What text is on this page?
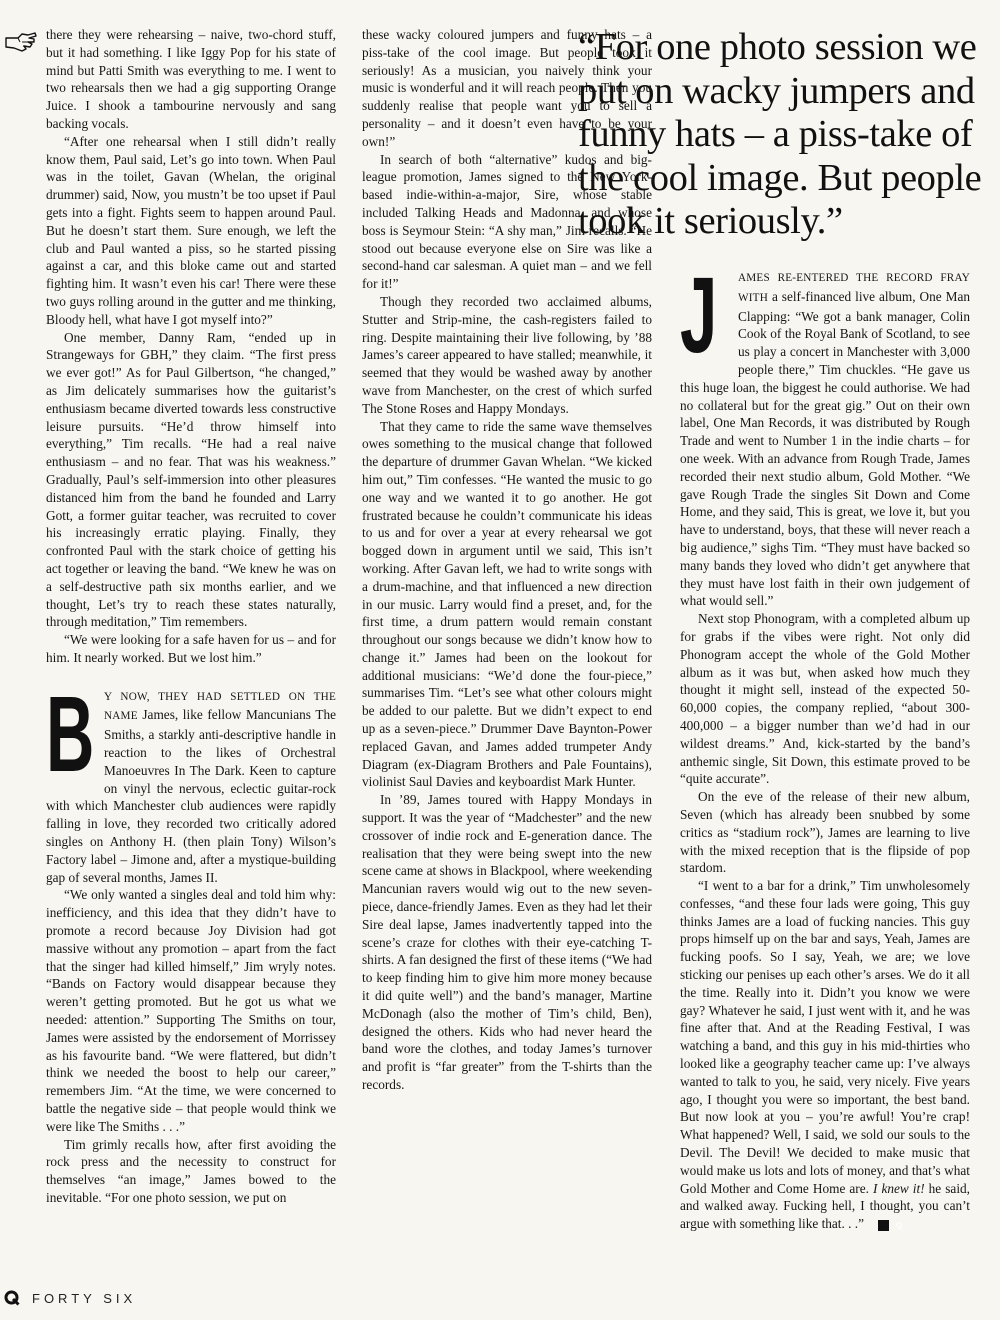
there they were rehearsing – naive, two-chord stuff, but it had something. I like Iggy Pop for his state of mind but Patti Smith was everything to me. I went to two rehearsals then we had a gig supporting Orange Juice. I shook a tambourine nervously and sang backing vocals.

“After one rehearsal when I still didn’t really know them, Paul said, Let’s go into town. When Paul was in the toilet, Gavan (Whelan, the original drummer) said, Now, you mustn’t be too upset if Paul gets into a fight. Fights seem to happen around Paul. But he doesn’t start them. Sure enough, we left the club and Paul wanted a piss, so he started pissing against a car, and this bloke came out and started fighting him. It wasn’t even his car! There were these two guys rolling around in the gutter and me thinking, Bloody hell, what have I got myself into?”

One member, Danny Ram, “ended up in Strangeways for GBH,” they claim. “The first press we ever got!” As for Paul Gilbertson, “he changed,” as Jim delicately summarises how the guitarist’s enthusiasm became diverted towards less constructive leisure pursuits. “He’d throw himself into everything,” Tim recalls. “He had a real naive enthusiasm – and no fear. That was his weakness.” Gradually, Paul’s self-immersion into other pleasures distanced him from the band he founded and Larry Gott, a former guitar teacher, was recruited to cover his increasingly erratic playing. Finally, they confronted Paul with the stark choice of getting his act together or leaving the band. “We knew he was on a self-destructive path six months earlier, and we thought, Let’s try to reach these states naturally, through meditation,” Tim remembers.

“We were looking for a safe haven for us – and for him. It nearly worked. But we lost him.”

B Y NOW, THEY HAD SETTLED ON THE NAME James, like fellow Mancunians The Smiths, a starkly anti-descriptive handle in reaction to the likes of Orchestral Manoeuvres In The Dark. Keen to capture on vinyl the nervous, eclectic guitar-rock with which Manchester club audiences were rapidly falling in love, they recorded two critically adored singles on Anthony H. (then plain Tony) Wilson’s Factory label – Jimone and, after a mystique-building gap of several months, James II.

“We only wanted a singles deal and told him why: inefficiency, and this idea that they didn’t have to promote a record because Joy Division had got massive without any promotion – apart from the fact that the singer had killed himself,” Jim wryly notes. “Bands on Factory would disappear because they weren’t getting promoted. But he got us what we needed: attention.” Supporting The Smiths on tour, James were assisted by the endorsement of Morrissey as his favourite band. “We were flattered, but didn’t think we needed the boost to help our career,” remembers Jim. “At the time, we were concerned to battle the negative side – that people would think we were like The Smiths . . .”

Tim grimly recalls how, after first avoiding the rock press and the necessity to construct for themselves “an image,” James bowed to the inevitable. “For one photo session, we put on

these wacky coloured jumpers and funny hats – a piss-take of the cool image. But people took it seriously! As a musician, you naively think your music is wonderful and it will reach people. Then you suddenly realise that people want you to sell a personality – and it doesn’t even have to be your own!”

In search of both “alternative” kudos and big-league promotion, James signed to the New York-based indie-within-a-major, Sire, whose stable included Talking Heads and Madonna, and whose boss is Seymour Stein: “A shy man,” Jim recalls. “He stood out because everyone else on Sire was like a second-hand car salesman. A quiet man – and we fell for it!”

Though they recorded two acclaimed albums, Stutter and Strip-mine, the cash-registers failed to ring. Despite maintaining their live following, by ’88 James’s career appeared to have stalled; meanwhile, it seemed that they would be washed away by another wave from Manchester, on the crest of which surfed The Stone Roses and Happy Mondays.

That they came to ride the same wave themselves owes something to the musical change that followed the departure of drummer Gavan Whelan. “We kicked him out,” Tim confesses. “He wanted the music to go one way and we wanted it to go another. He got frustrated because he couldn’t communicate his ideas to us and for over a year at every rehearsal we got bogged down in argument until we said, This isn’t working. After Gavan left, we had to write songs with a drum-machine, and that influenced a new direction in our music. Larry would find a preset, and, for the first time, a drum pattern would remain constant throughout our songs because we didn’t know how to change it.” James had been on the lookout for additional musicians: “We’d done the four-piece,” summarises Tim. “Let’s see what other colours might be added to our palette. But we didn’t expect to end up as a seven-piece.” Drummer Dave Baynton-Power replaced Gavan, and James added trumpeter Andy Diagram (ex-Diagram Brothers and Pale Fountains), violinist Saul Davies and keyboardist Mark Hunter.

In ’89, James toured with Happy Mondays in support. It was the year of “Madchester” and the new crossover of indie rock and E-generation dance. The realisation that they were being swept into the new scene came at shows in Blackpool, where weekending Mancunian ravers would wig out to the new seven-piece, dance-friendly James. Even as they had let their Sire deal lapse, James inadvertently tapped into the scene’s craze for clothes with their eye-catching T-shirts. A fan designed the first of these items (“We had to keep finding him to give him more money because it did quite well”) and the band’s manager, Martine McDonagh (also the mother of Tim’s child, Ben), designed the others. Kids who had never heard the band wore the clothes, and today James’s turnover and profit is “far greater” from the T-shirts than the records.

“For one photo session we put on wacky jumpers and funny hats – a piss-take of the cool image. But people took it seriously.”

J AMES RE-ENTERED THE RECORD FRAY WITH a self-financed live album, One Man Clapping: “We got a bank manager, Colin Cook of the Royal Bank of Scotland, to see us play a concert in Manchester with 3,000 people there,” Tim chuckles. “He gave us this huge loan, the biggest he could authorise. We had no collateral but for the great gig.” Out on their own label, One Man Records, it was distributed by Rough Trade and went to Number 1 in the indie charts – for one week. With an advance from Rough Trade, James recorded their next studio album, Gold Mother. “We gave Rough Trade the singles Sit Down and Come Home, and they said, This is great, we love it, but you have to understand, boys, that these will never reach a big audience,” sighs Tim. “They must have backed so many bands they loved who didn’t get anywhere that they must have lost faith in their own judgement of what would sell.”

Next stop Phonogram, with a completed album up for grabs if the vibes were right. Not only did Phonogram accept the whole of the Gold Mother album as it was but, when asked how much they thought it might sell, instead of the expected 50-60,000 copies, the company replied, “about 300-400,000 – a bigger number than we’d had in our wildest dreams.” And, kick-started by the band’s anthemic single, Sit Down, this estimate proved to be “quite accurate”.

On the eve of the release of their new album, Seven (which has already been snubbed by some critics as “stadium rock”), James are learning to live with the mixed reception that is the flipside of pop stardom.

“I went to a bar for a drink,” Tim unwholesomely confesses, “and these four lads were going, This guy thinks James are a load of fucking nancies. This guy props himself up on the bar and says, Yeah, James are fucking poofs. So I say, Yeah, we are; we love sticking our penises up each other’s arses. We do it all the time. Really into it. Didn’t you know we were gay? Whatever he said, I just went with it, and he was fine after that. And at the Reading Festival, I was watching a band, and this guy in his mid-thirties who looked like a geography teacher came up: I’ve always wanted to talk to you, he said, very nicely. Five years ago, I thought you were so important, the best band. But now look at you – you’re awful! You’re crap! What happened? Well, I said, we sold our souls to the Devil. The Devil! We decided to make music that would make us lots and lots of money, and that’s what Gold Mother and Come Home are. I knew it! he said, and walked away. Fucking hell, I thought, you can’t argue with something like that. . .”	Q

FORTY SIX
